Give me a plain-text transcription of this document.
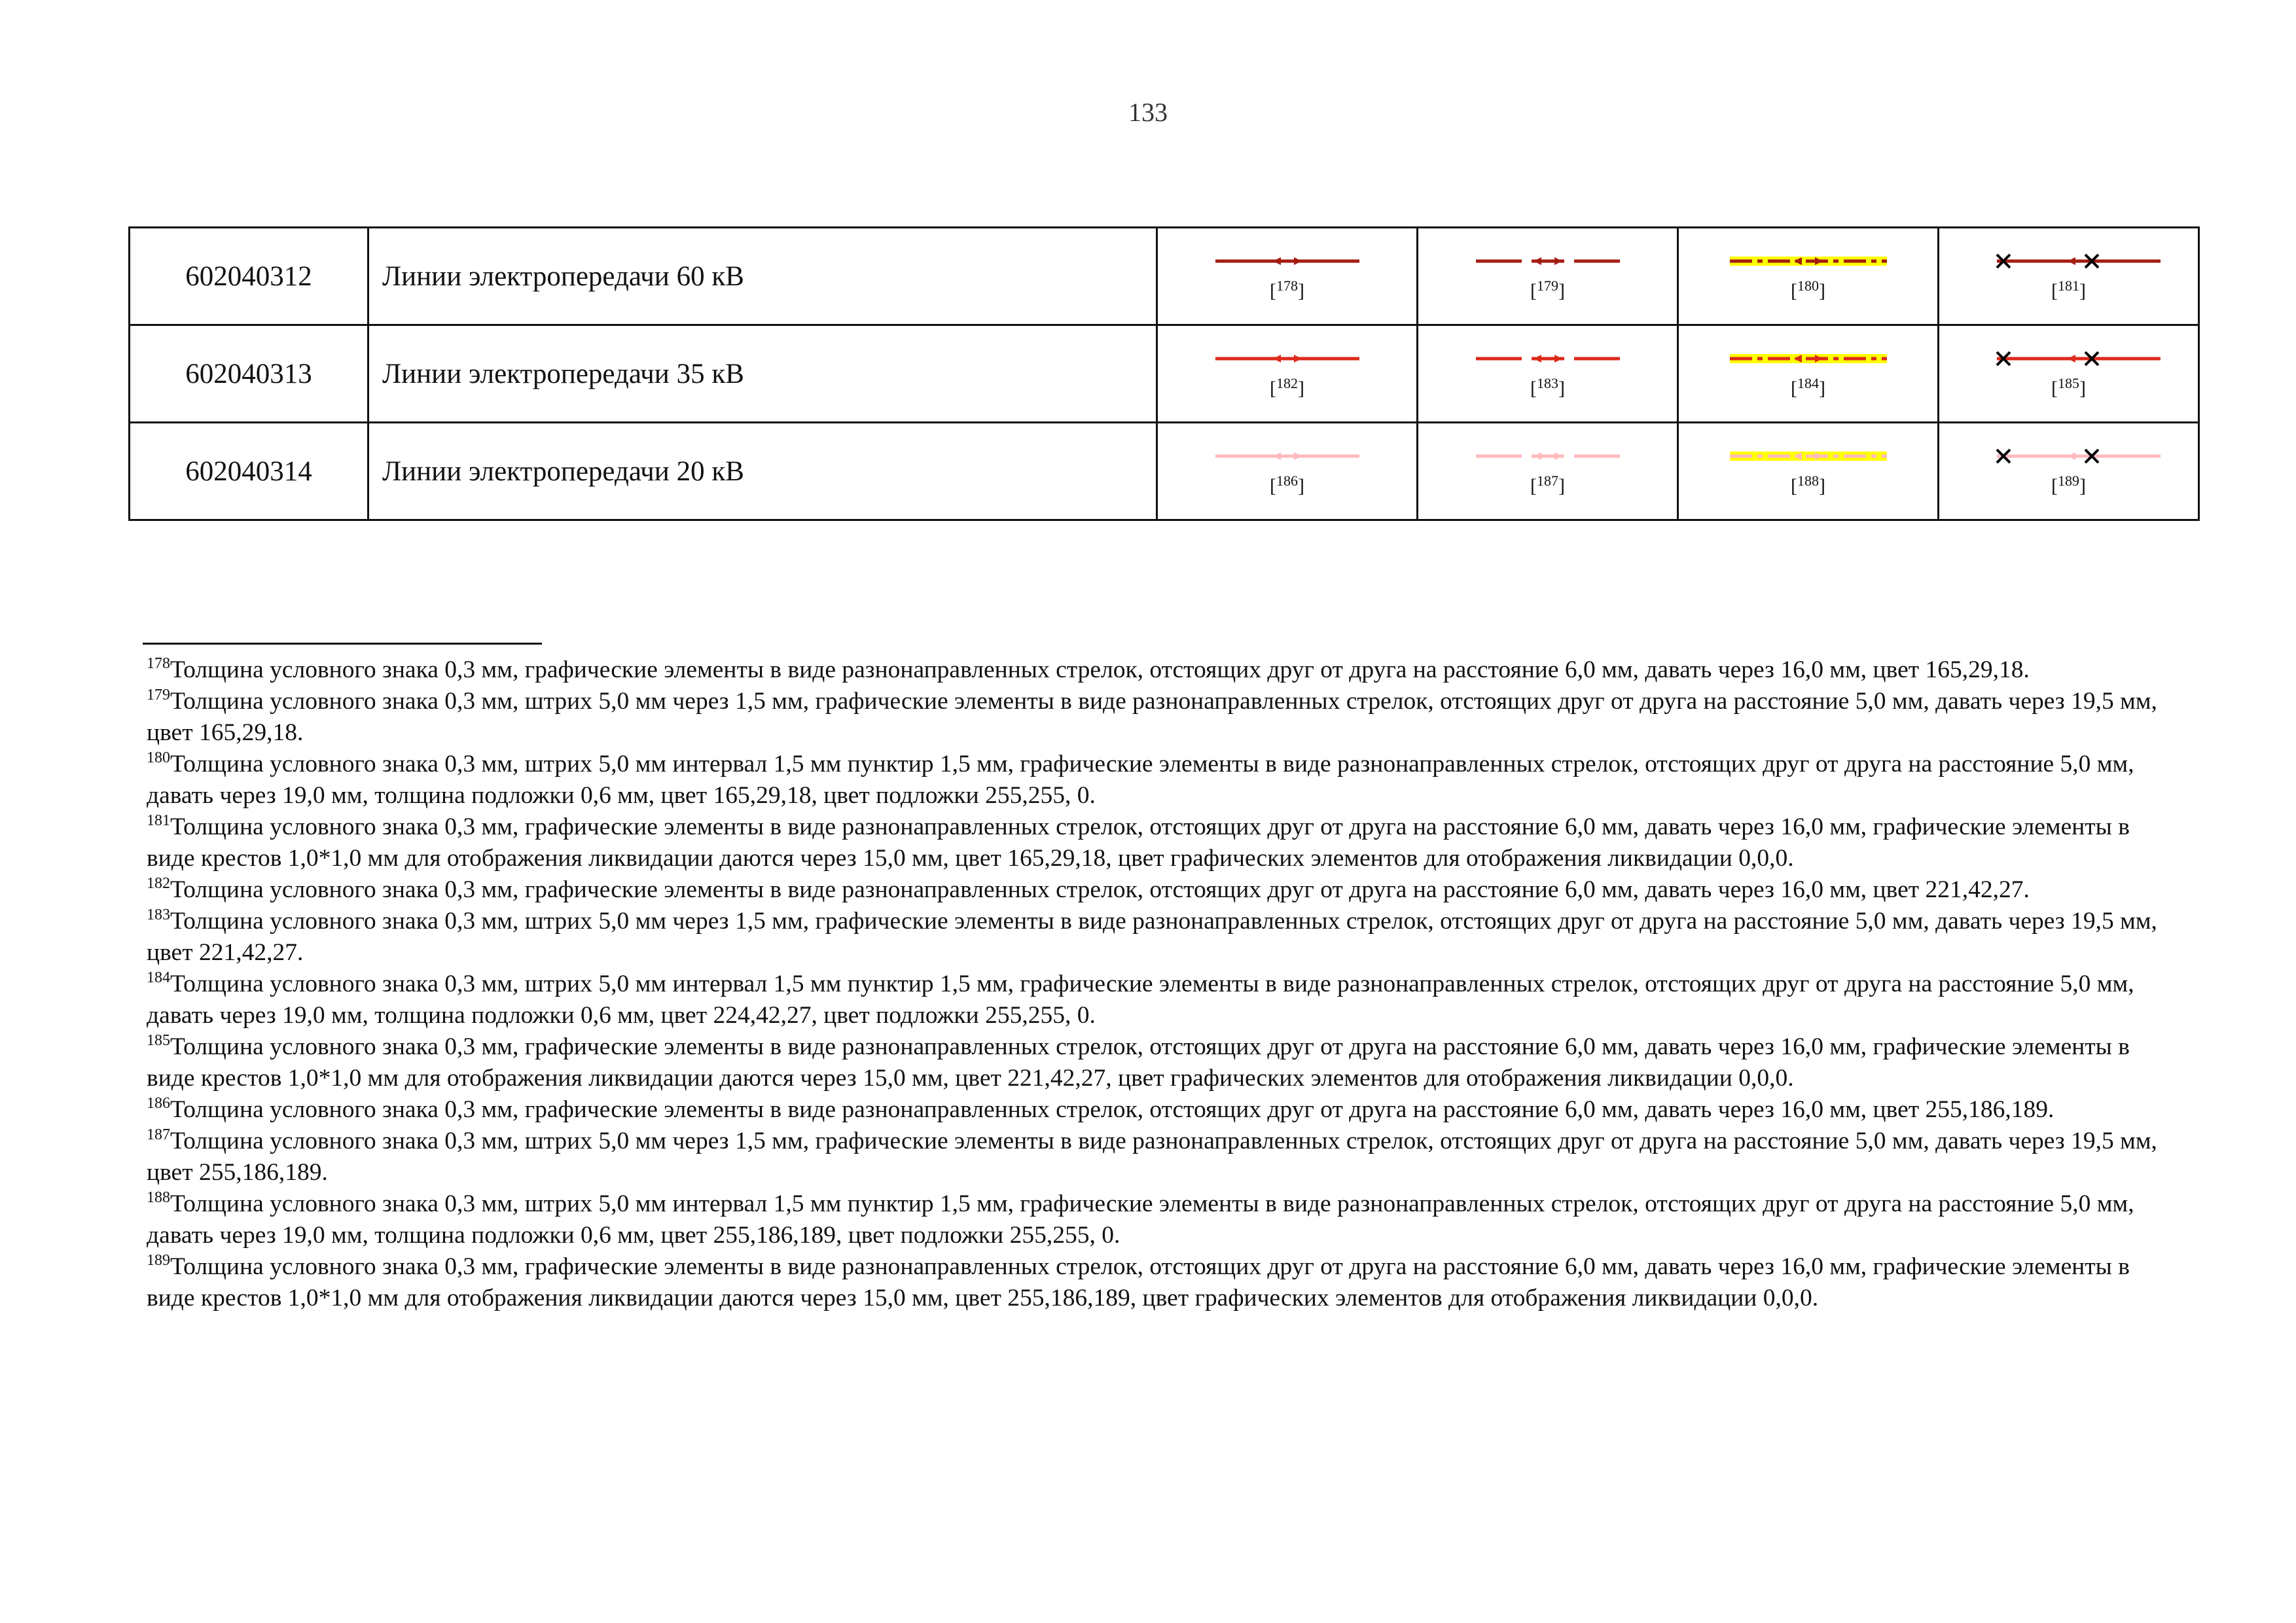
133
602040312	Линии электропередачи 60 кВ	[$^{178}$]	[$^{179}$]	[$^{180}$]	[$^{181}$]

602040313	Линии электропередачи 35 кВ	[$^{182}$]	[$^{183}$]	[$^{184}$]	[$^{185}$]

602040314	Линии электропередачи 20 кВ	[$^{186}$]	[$^{187}$]	[$^{188}$]	[$^{189}$]

$^{178}$Толщина условного знака 0,3 мм, графические элементы в виде разнонаправленных стрелок, отстоящих друг от друга на расстояние 6,0 мм, давать через 16,0 мм, цвет 165,29,18.

$^{179}$Толщина условного знака 0,3 мм, штрих 5,0 мм через 1,5 мм, графические элементы в виде разнонаправленных стрелок, отстоящих друг от друга на расстояние 5,0 мм, давать через 19,5 мм, цвет 165,29,18.

$^{180}$Толщина условного знака 0,3 мм, штрих 5,0 мм интервал 1,5 мм пунктир 1,5 мм, графические элементы в виде разнонаправленных стрелок, отстоящих друг от друга на расстояние 5,0 мм, давать через 19,0 мм, толщина подложки 0,6 мм, цвет 165,29,18, цвет подложки 255,255, 0.

$^{181}$Толщина условного знака 0,3 мм, графические элементы в виде разнонаправленных стрелок, отстоящих друг от друга на расстояние 6,0 мм, давать через 16,0 мм, графические элементы в виде крестов 1,0*1,0 мм для отображения ликвидации даются через 15,0 мм, цвет 165,29,18, цвет графических элементов для отображения ликвидации 0,0,0.

$^{182}$Толщина условного знака 0,3 мм, графические элементы в виде разнонаправленных стрелок, отстоящих друг от друга на расстояние 6,0 мм, давать через 16,0 мм, цвет 221,42,27.

$^{183}$Толщина условного знака 0,3 мм, штрих 5,0 мм через 1,5 мм, графические элементы в виде разнонаправленных стрелок, отстоящих друг от друга на расстояние 5,0 мм, давать через 19,5 мм, цвет 221,42,27.

$^{184}$Толщина условного знака 0,3 мм, штрих 5,0 мм интервал 1,5 мм пунктир 1,5 мм, графические элементы в виде разнонаправленных стрелок, отстоящих друг от друга на расстояние 5,0 мм, давать через 19,0 мм, толщина подложки 0,6 мм, цвет 224,42,27, цвет подложки 255,255, 0.

$^{185}$Толщина условного знака 0,3 мм, графические элементы в виде разнонаправленных стрелок, отстоящих друг от друга на расстояние 6,0 мм, давать через 16,0 мм, графические элементы в виде крестов 1,0*1,0 мм для отображения ликвидации даются через 15,0 мм, цвет 221,42,27, цвет графических элементов для отображения ликвидации 0,0,0.

$^{186}$Толщина условного знака 0,3 мм, графические элементы в виде разнонаправленных стрелок, отстоящих друг от друга на расстояние 6,0 мм, давать через 16,0 мм, цвет 255,186,189.

$^{187}$Толщина условного знака 0,3 мм, штрих 5,0 мм через 1,5 мм, графические элементы в виде разнонаправленных стрелок, отстоящих друг от друга на расстояние 5,0 мм, давать через 19,5 мм, цвет 255,186,189.

$^{188}$Толщина условного знака 0,3 мм, штрих 5,0 мм интервал 1,5 мм пунктир 1,5 мм, графические элементы в виде разнонаправленных стрелок, отстоящих друг от друга на расстояние 5,0 мм, давать через 19,0 мм, толщина подложки 0,6 мм, цвет 255,186,189, цвет подложки 255,255, 0.

$^{189}$Толщина условного знака 0,3 мм, графические элементы в виде разнонаправленных стрелок, отстоящих друг от друга на расстояние 6,0 мм, давать через 16,0 мм, графические элементы в виде крестов 1,0*1,0 мм для отображения ликвидации даются через 15,0 мм, цвет 255,186,189, цвет графических элементов для отображения ликвидации 0,0,0.
